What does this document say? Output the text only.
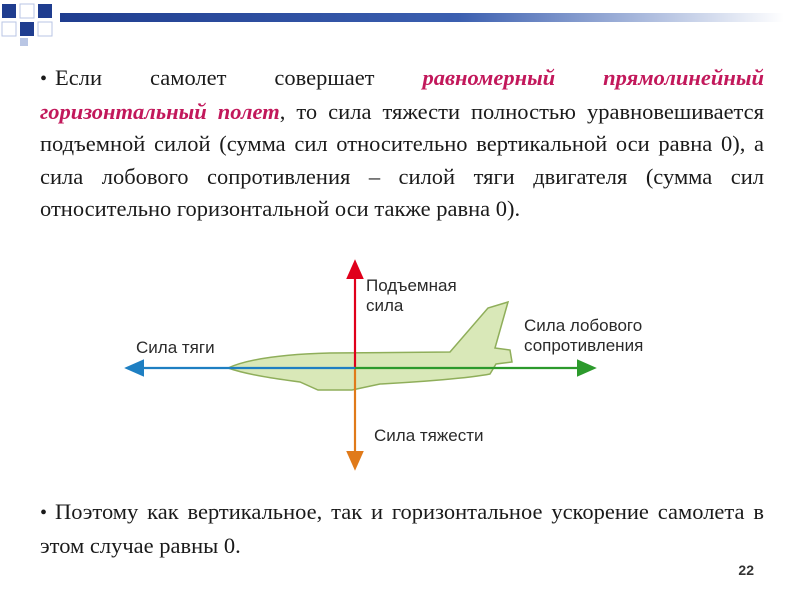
• Если самолет совершает равномерный прямолинейный горизонтальный полет, то сила тяжести полностью уравновешивается подъемной силой (сумма сил относительно вертикальной оси равна 0), а сила лобового сопротивления – силой тяги двигателя (сумма сил относительно горизонтальной оси также равна 0).
Подъемная
сила
Сила тяги
Сила лобового
сопротивления
Сила тяжести
• Поэтому как вертикальное, так и горизонтальное ускорение самолета в этом случае равны 0.
22
